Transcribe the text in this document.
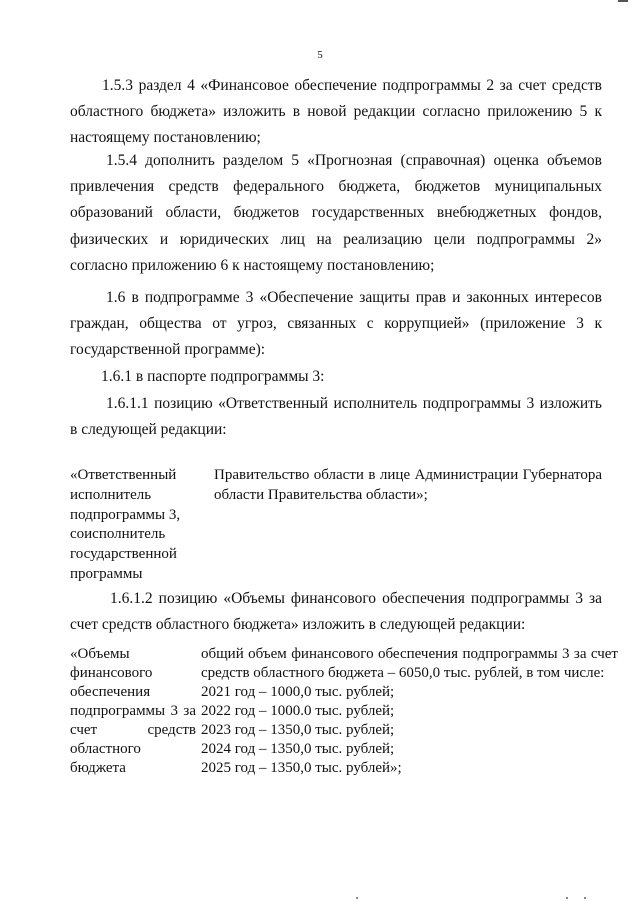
5
1.5.3 раздел 4 «Финансовое обеспечение подпрограммы 2 за счет средств областного бюджета» изложить в новой редакции согласно приложению 5 к настоящему постановлению;
1.5.4 дополнить разделом 5 «Прогнозная (справочная) оценка объемов привлечения средств федерального бюджета, бюджетов муниципальных образований области, бюджетов государственных внебюджетных фондов, физических и юридических лиц на реализацию цели подпрограммы 2» согласно приложению 6 к настоящему постановлению;
1.6 в подпрограмме 3 «Обеспечение защиты прав и законных интересов граждан, общества от угроз, связанных с коррупцией» (приложение 3 к государственной программе):
1.6.1 в паспорте подпрограммы 3:
1.6.1.1 позицию «Ответственный исполнитель подпрограммы 3 изложить в следующей редакции:
«Ответственный исполнитель подпрограммы 3, соисполнитель государственной программы
Правительство области в лице Администрации Губернатора области Правительства области»;
1.6.1.2 позицию «Объемы финансового обеспечения подпрограммы 3 за счет средств областного бюджета» изложить в следующей редакции:
«Объемы финансового обеспечения подпрограммы 3 за счет средств областного бюджета
общий объем финансового обеспечения подпрограммы 3 за счет средств областного бюджета – 6050,0 тыс. рублей, в том числе:
2021 год – 1000,0 тыс. рублей;
2022 год – 1000.0 тыс. рублей;
2023 год – 1350,0 тыс. рублей;
2024 год – 1350,0 тыс. рублей;
2025 год – 1350,0 тыс. рублей»;
